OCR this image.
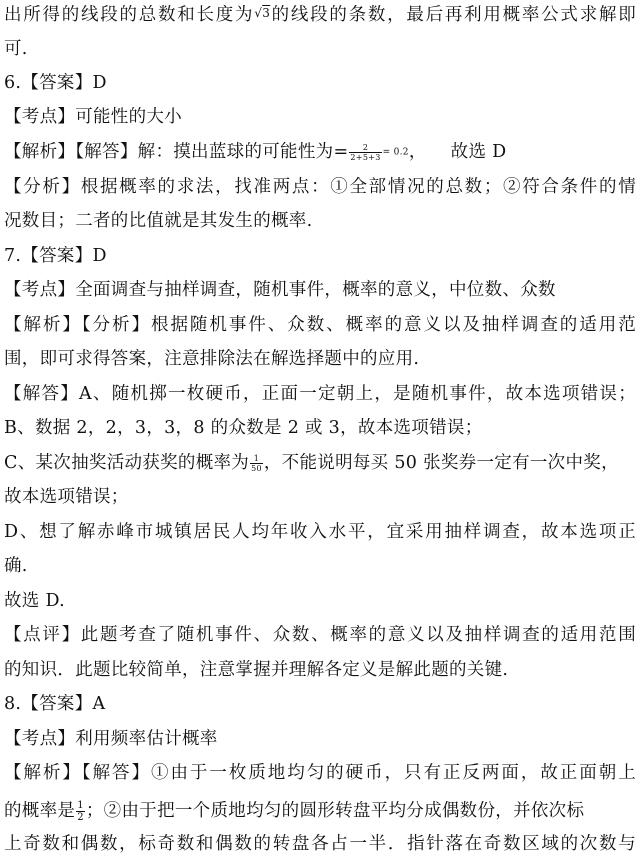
出所得的线段的总数和长度为√3的线段的条数，最后再利用概率公式求解即
可.
6.【答案】D
【考点】可能性的大小
【解析】【解答】解：摸出蓝球的可能性为= $\frac{2}{2+5+3} = 0.2$， 故选 D
【分析】根据概率的求法，找准两点：①全部情况的总数；②符合条件的情
况数目；二者的比值就是其发生的概率.
7.【答案】D
【考点】全面调查与抽样调查，随机事件，概率的意义，中位数、众数
【解析】【分析】根据随机事件、众数、概率的意义以及抽样调查的适用范
围，即可求得答案，注意排除法在解选择题中的应用.
【解答】A、随机掷一枚硬币，正面一定朝上，是随机事件，故本选项错误；
B、数据 2，2，3，3，8 的众数是 2 或 3，故本选项错误；
C、某次抽奖活动获奖的概率为 $\frac{1}{50}$ ，不能说明每买 50 张奖券一定有一次中奖，
故本选项错误；
D、想了解赤峰市城镇居民人均年收入水平，宜采用抽样调查，故本选项正
确.
故选 D.
【点评】此题考查了随机事件、众数、概率的意义以及抽样调查的适用范围
的知识．此题比较简单，注意掌握并理解各定义是解此题的关键.
8.【答案】A
【考点】利用频率估计概率
【解析】【解答】①由于一枚质地均匀的硬币，只有正反两面，故正面朝上
的概率是 $\frac{1}{2}$ ；②由于把一个质地均匀的圆形转盘平均分成偶数份，并依次标
上奇数和偶数，标奇数和偶数的转盘各占一半．指针落在奇数区域的次数与
